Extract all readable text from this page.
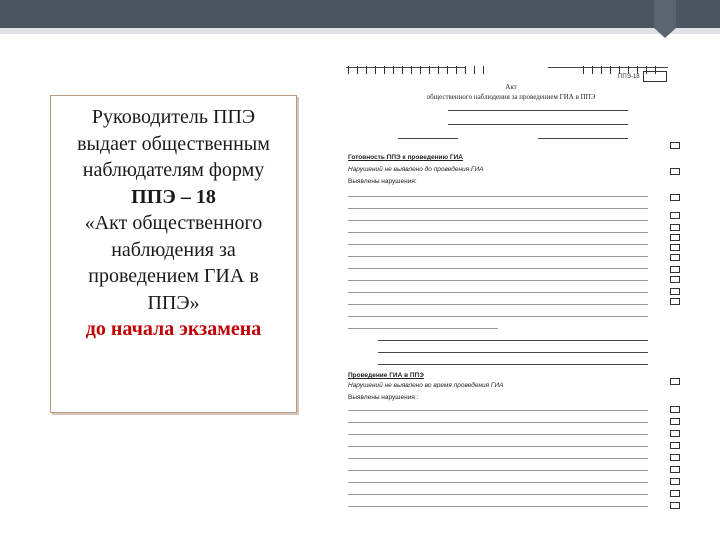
Руководитель ППЭ выдает общественным наблюдателям форму
ППЭ – 18
«Акт общественного наблюдения за проведением ГИА в ППЭ»
до начала экзамена
ППЭ-18
Акт
общественного наблюдения за проведением ГИА в ППЭ
Готовность ППЭ к проведению ГИА
Нарушений не выявлено до проведения ГИА
Выявлены нарушения:
Проведение ГИА в ППЭ
Нарушений не выявлено во время проведения ГИА
Выявлены нарушения :
